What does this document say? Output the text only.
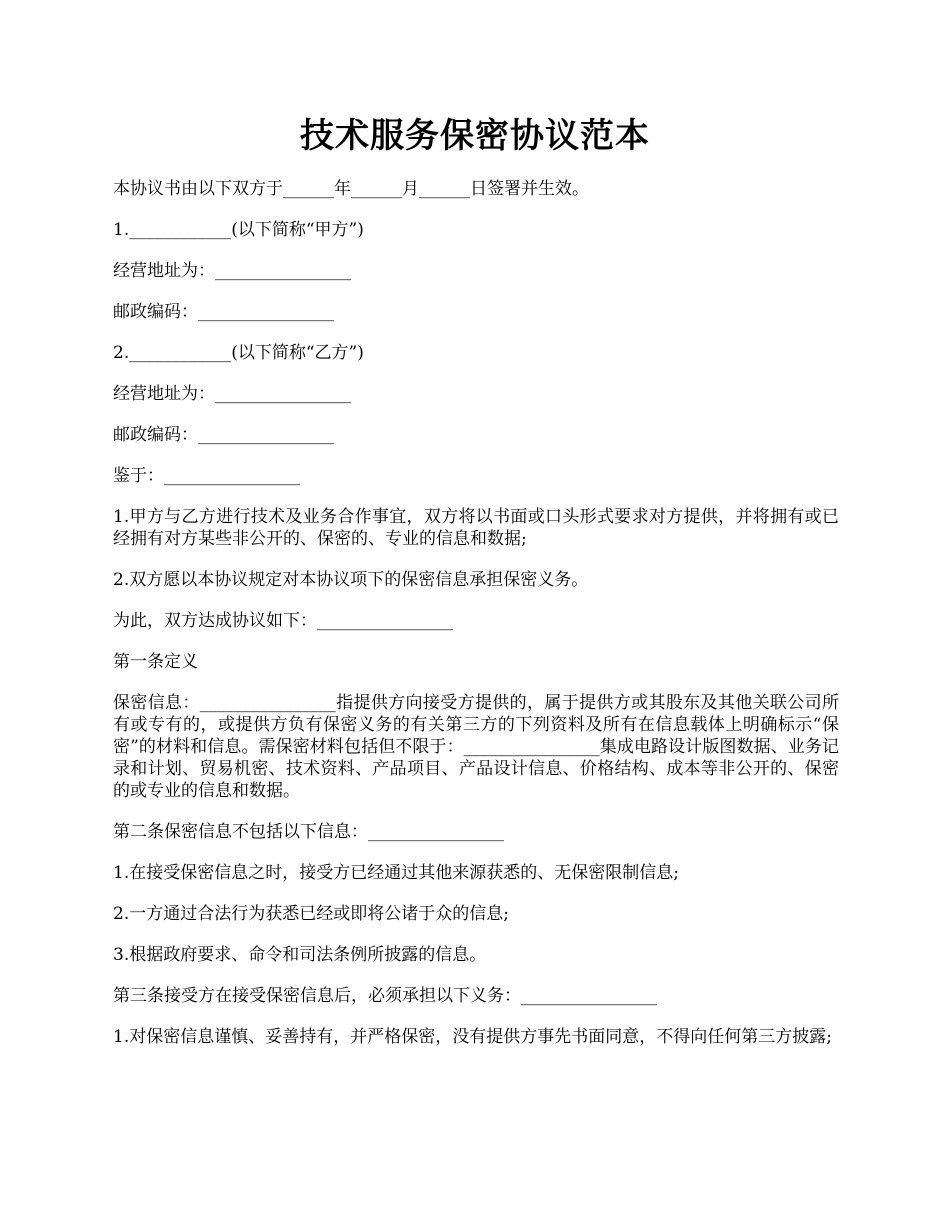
技术服务保密协议范本

本协议书由以下双方于______年______月______日签署并生效。

1.____________(以下简称“甲方”)

经营地址为：________________

邮政编码：________________

2.____________(以下简称“乙方”)

经营地址为：________________

邮政编码：________________

鉴于：________________

1.甲方与乙方进行技术及业务合作事宜，双方将以书面或口头形式要求对方提供，并将拥有或已经拥有对方某些非公开的、保密的、专业的信息和数据;

2.双方愿以本协议规定对本协议项下的保密信息承担保密义务。

为此，双方达成协议如下：________________

第一条定义

保密信息：________________指提供方向接受方提供的，属于提供方或其股东及其他关联公司所有或专有的，或提供方负有保密义务的有关第三方的下列资料及所有在信息载体上明确标示“保密”的材料和信息。需保密材料包括但不限于：________________集成电路设计版图数据、业务记录和计划、贸易机密、技术资料、产品项目、产品设计信息、价格结构、成本等非公开的、保密的或专业的信息和数据。

第二条保密信息不包括以下信息：________________

1.在接受保密信息之时，接受方已经通过其他来源获悉的、无保密限制信息;

2.一方通过合法行为获悉已经或即将公诸于众的信息;

3.根据政府要求、命令和司法条例所披露的信息。

第三条接受方在接受保密信息后，必须承担以下义务：________________

1.对保密信息谨慎、妥善持有，并严格保密，没有提供方事先书面同意，不得向任何第三方披露;
